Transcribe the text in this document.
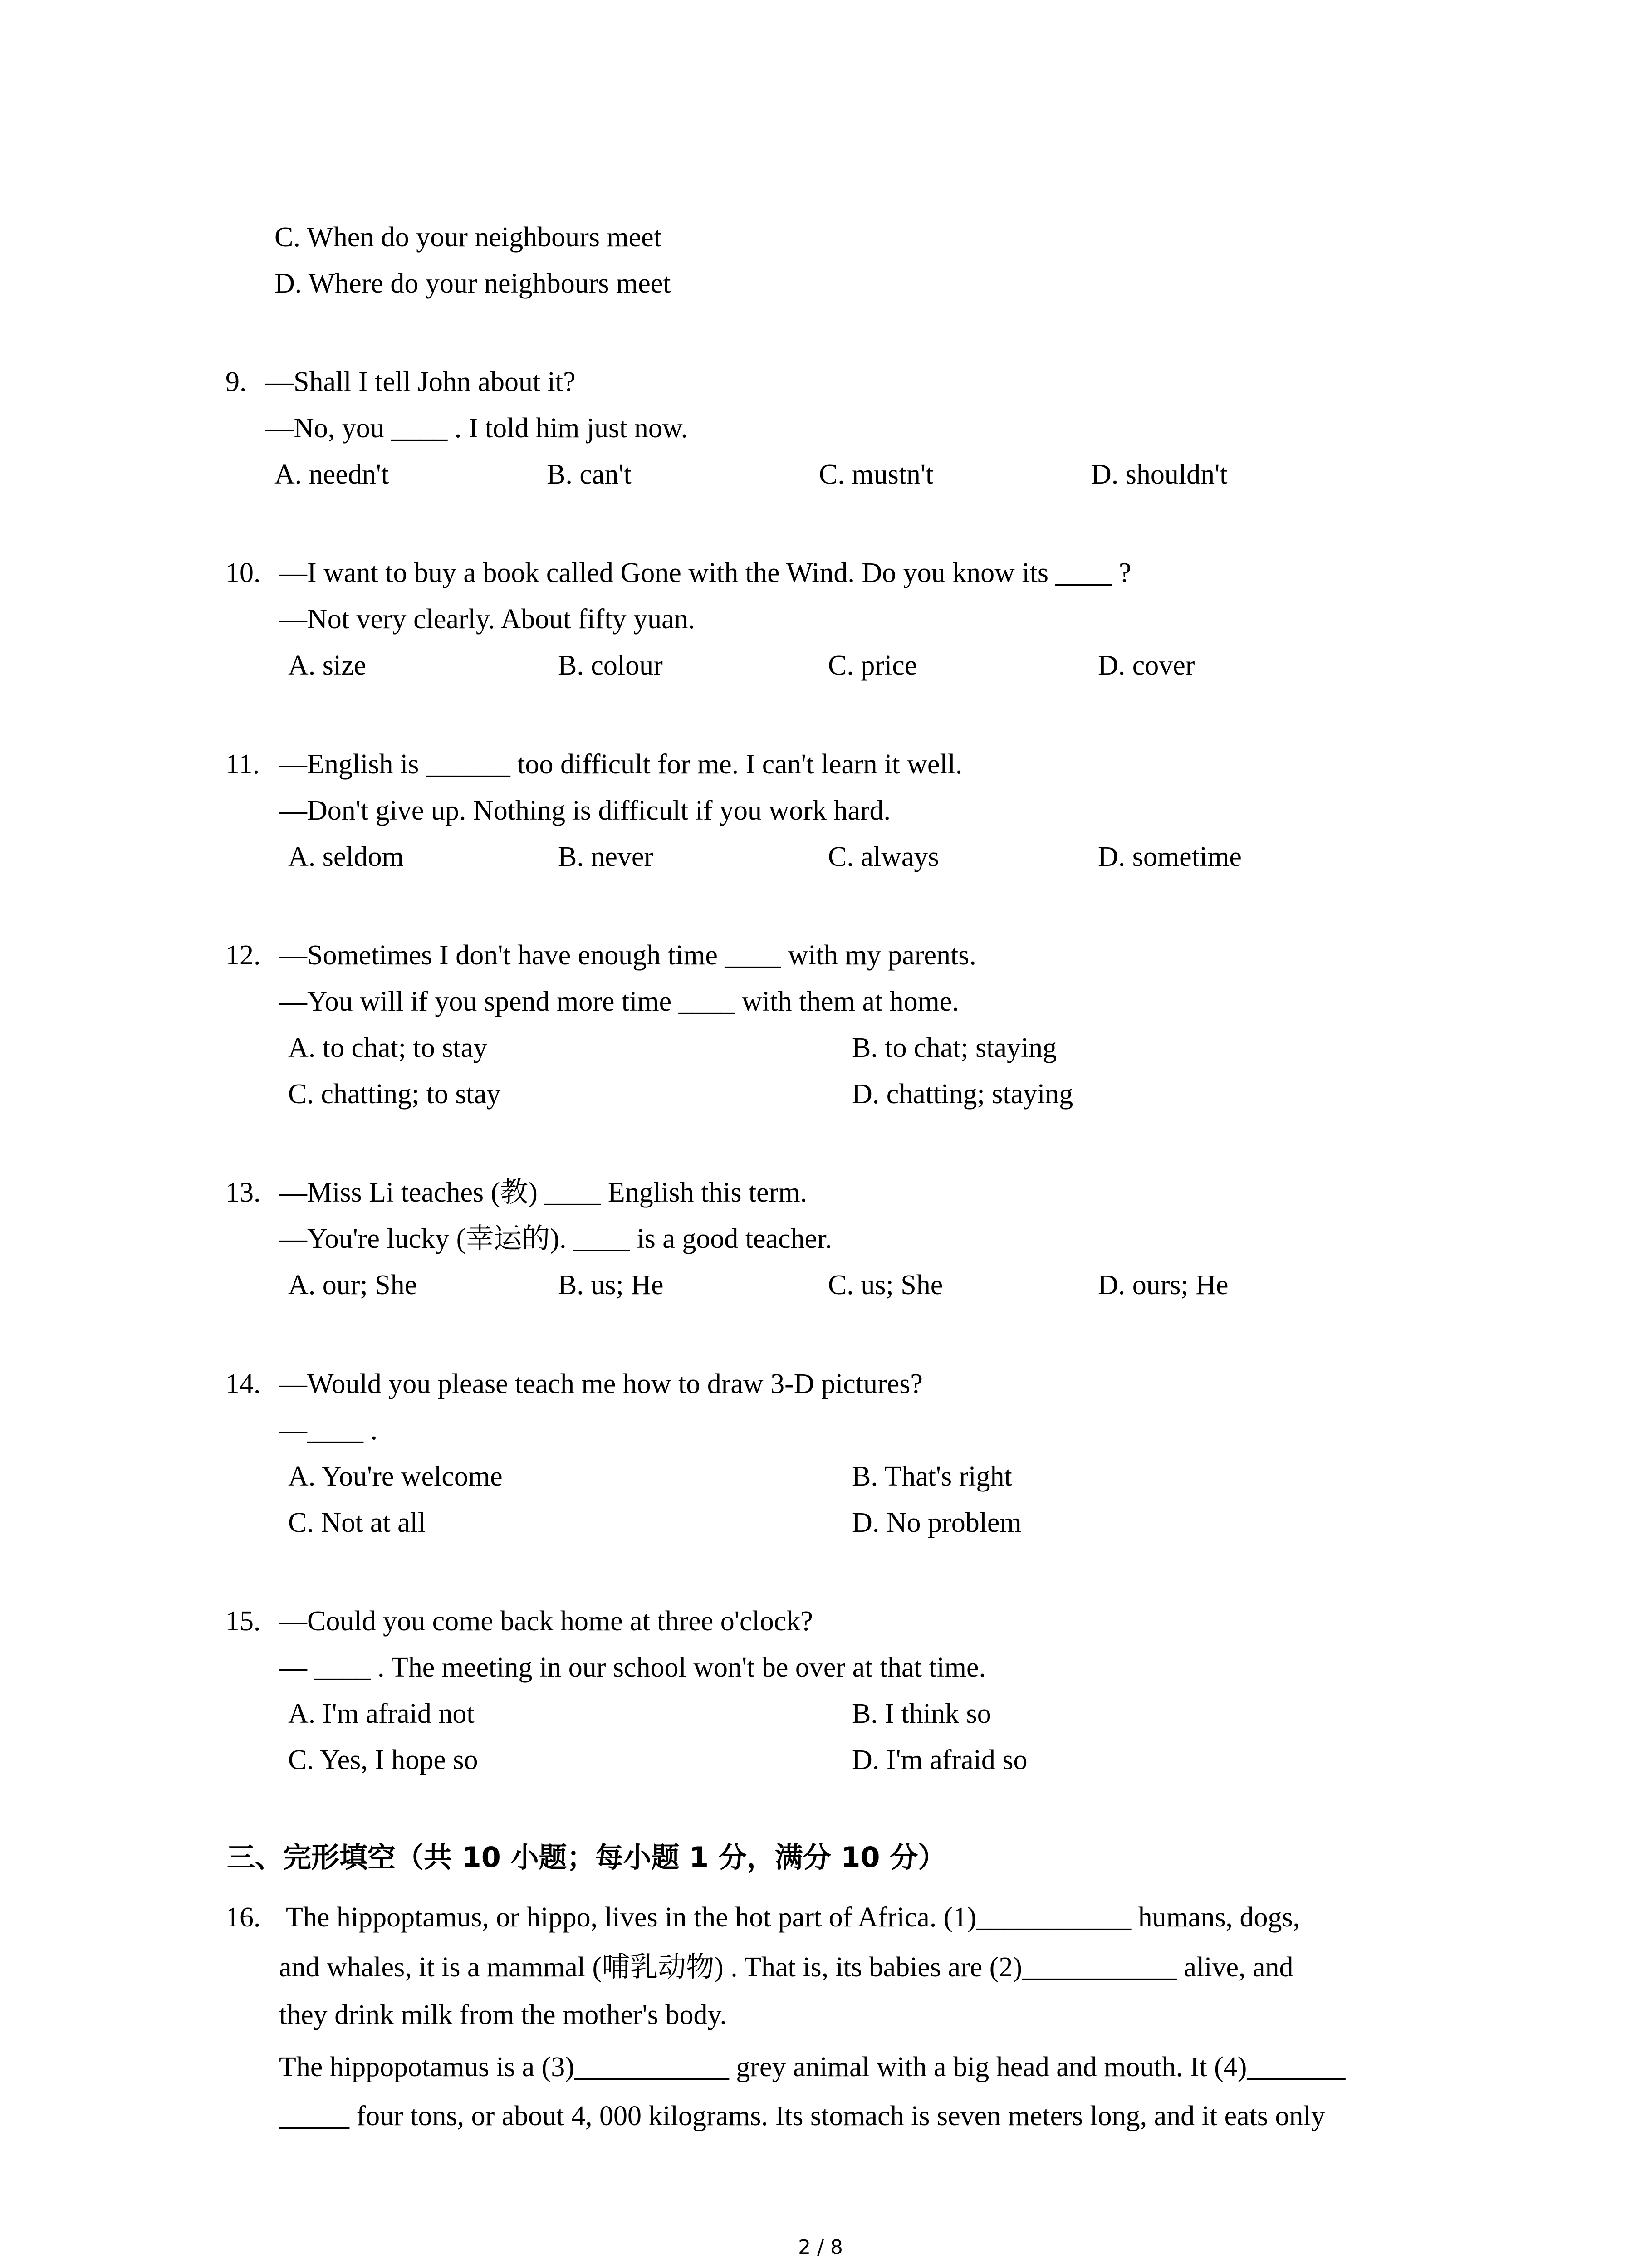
C. When do your neighbours meet
D. Where do your neighbours meet
9. —Shall I tell John about it?
—No, you ____ . I told him just now.
A. needn't	B. can't	C. mustn't	D. shouldn't
10. —I want to buy a book called Gone with the Wind. Do you know its ____ ?
—Not very clearly. About fifty yuan.
A. size	B. colour	C. price	D. cover
11. —English is ______ too difficult for me. I can't learn it well.
—Don't give up. Nothing is difficult if you work hard.
A. seldom	B. never	C. always	D. sometime
12. —Sometimes I don't have enough time ____ with my parents.
—You will if you spend more time ____ with them at home.
A. to chat; to stay	B. to chat; staying
C. chatting; to stay	D. chatting; staying
13. —Miss Li teaches (教) ____ English this term.
—You're lucky (幸运的). ____ is a good teacher.
A. our; She	B. us; He	C. us; She	D. ours; He
14. —Would you please teach me how to draw 3-D pictures?
—____ .
A. You're welcome	B. That's right
C. Not at all	D. No problem
15. —Could you come back home at three o'clock?
— ____ . The meeting in our school won't be over at that time.
A. I'm afraid not	B. I think so
C. Yes, I hope so	D. I'm afraid so
三、完形填空（共 10 小题；每小题 1 分，满分 10 分）
16. The hippoptamus, or hippo, lives in the hot part of Africa. (1)___________ humans, dogs,
and whales, it is a mammal (哺乳动物) . That is, its babies are (2)___________ alive, and
they drink milk from the mother's body.
The hippopotamus is a (3)___________ grey animal with a big head and mouth. It (4)_______
_____ four tons, or about 4, 000 kilograms. Its stomach is seven meters long, and it eats only
2 / 8
